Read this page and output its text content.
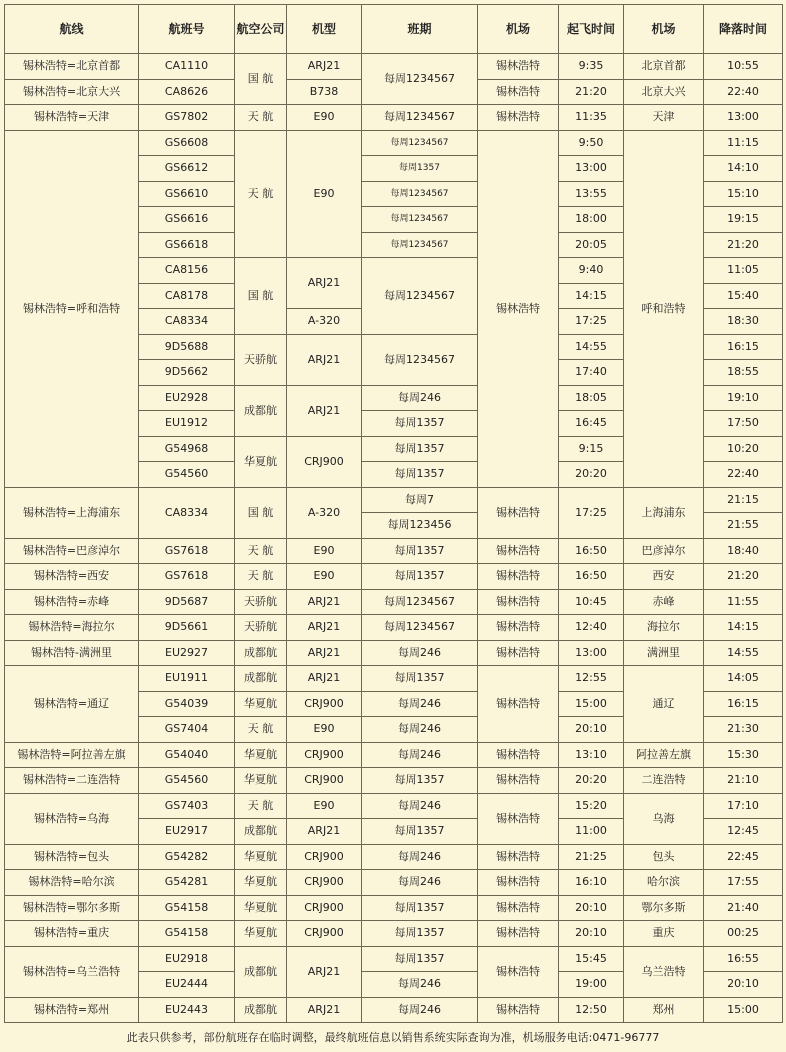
航线	航班号	航空公司	机型	班期	机场	起飞时间	机场	降落时间
锡林浩特=北京首都	CA1110	国 航	ARJ21	每周1234567	锡林浩特	9:35	北京首都	10:55
锡林浩特=北京大兴	CA8626		B738		锡林浩特	21:20	北京大兴	22:40
锡林浩特=天津	GS7802	天 航	E90	每周1234567	锡林浩特	11:35	天津	13:00
锡林浩特=呼和浩特	GS6608	天 航	E90	每周1234567	锡林浩特	9:50	呼和浩特	11:15
	GS6612			每周1357		13:00		14:10
	GS6610			每周1234567		13:55		15:10
	GS6616			每周1234567		18:00		19:15
	GS6618			每周1234567		20:05		21:20
	CA8156	国 航	ARJ21	每周1234567		9:40		11:05
	CA8178					14:15		15:40
	CA8334		A-320			17:25		18:30
	9D5688	天骄航	ARJ21	每周1234567		14:55		16:15
	9D5662					17:40		18:55
	EU2928	成都航	ARJ21	每周246		18:05		19:10
	EU1912			每周1357		16:45		17:50
	G54968	华夏航	CRJ900	每周1357		9:15		10:20
	G54560			每周1357		20:20		22:40
锡林浩特=上海浦东	CA8334	国 航	A-320	每周7	锡林浩特	17:25	上海浦东	21:15
				每周123456				21:55
锡林浩特=巴彦淖尔	GS7618	天 航	E90	每周1357	锡林浩特	16:50	巴彦淖尔	18:40
锡林浩特=西安	GS7618	天 航	E90	每周1357	锡林浩特	16:50	西安	21:20
锡林浩特=赤峰	9D5687	天骄航	ARJ21	每周1234567	锡林浩特	10:45	赤峰	11:55
锡林浩特=海拉尔	9D5661	天骄航	ARJ21	每周1234567	锡林浩特	12:40	海拉尔	14:15
锡林浩特-满洲里	EU2927	成都航	ARJ21	每周246	锡林浩特	13:00	满洲里	14:55
锡林浩特=通辽	EU1911	成都航	ARJ21	每周1357	锡林浩特	12:55	通辽	14:05
	G54039	华夏航	CRJ900	每周246		15:00		16:15
	GS7404	天 航	E90	每周246		20:10		21:30
锡林浩特=阿拉善左旗	G54040	华夏航	CRJ900	每周246	锡林浩特	13:10	阿拉善左旗	15:30
锡林浩特=二连浩特	G54560	华夏航	CRJ900	每周1357	锡林浩特	20:20	二连浩特	21:10
锡林浩特=乌海	GS7403	天 航	E90	每周246	锡林浩特	15:20	乌海	17:10
	EU2917	成都航	ARJ21	每周1357		11:00		12:45
锡林浩特=包头	G54282	华夏航	CRJ900	每周246	锡林浩特	21:25	包头	22:45
锡林浩特=哈尔滨	G54281	华夏航	CRJ900	每周246	锡林浩特	16:10	哈尔滨	17:55
锡林浩特=鄂尔多斯	G54158	华夏航	CRJ900	每周1357	锡林浩特	20:10	鄂尔多斯	21:40
锡林浩特=重庆	G54158	华夏航	CRJ900	每周1357	锡林浩特	20:10	重庆	00:25
锡林浩特=乌兰浩特	EU2918	成都航	ARJ21	每周1357	锡林浩特	15:45	乌兰浩特	16:55
	EU2444			每周246		19:00		20:10
锡林浩特=郑州	EU2443	成都航	ARJ21	每周246	锡林浩特	12:50	郑州	15:00
此表只供参考，部份航班存在临时调整，最终航班信息以销售系统实际查询为准，机场服务电话:0471-96777
